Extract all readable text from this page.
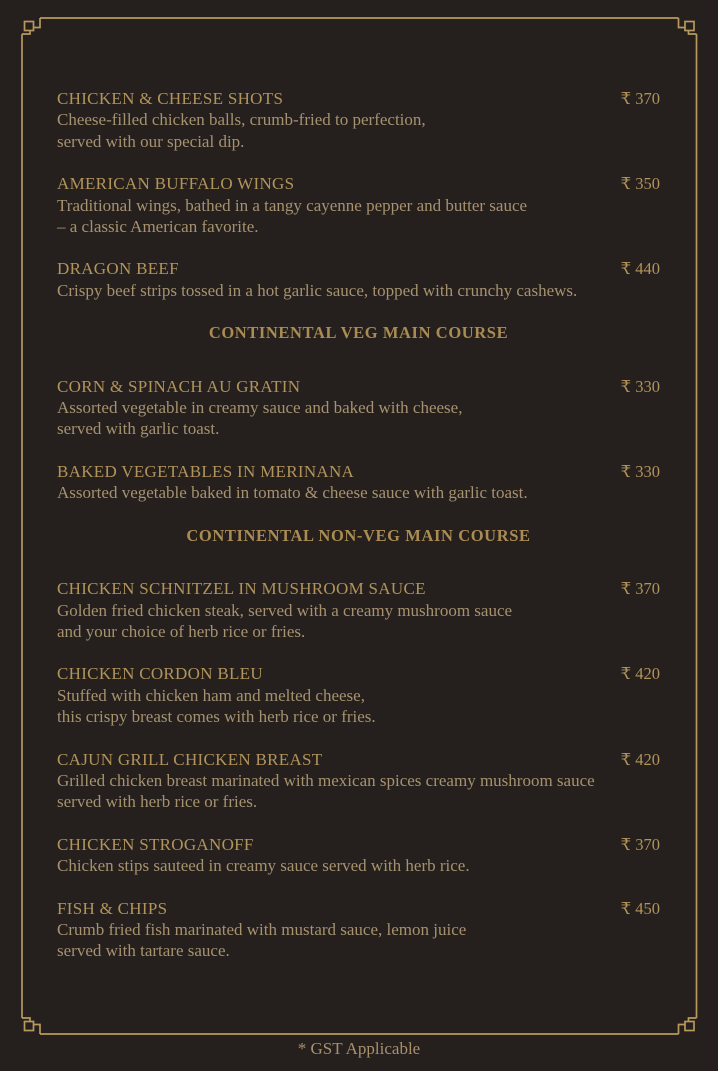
CHICKEN & CHEESE SHOTS	₹ 370
Cheese-filled chicken balls, crumb-fried to perfection,
served with our special dip.
AMERICAN BUFFALO WINGS	₹ 350
Traditional wings, bathed in a tangy cayenne pepper and butter sauce
– a classic American favorite.
DRAGON BEEF	₹ 440
Crispy beef strips tossed in a hot garlic sauce, topped with crunchy cashews.
CONTINENTAL VEG MAIN COURSE
CORN & SPINACH AU GRATIN	₹ 330
Assorted vegetable in creamy sauce and baked with cheese,
served with garlic toast.
BAKED VEGETABLES IN MERINANA	₹ 330
Assorted vegetable baked in tomato & cheese sauce with garlic toast.
CONTINENTAL NON-VEG MAIN COURSE
CHICKEN SCHNITZEL IN MUSHROOM SAUCE	₹ 370
Golden fried chicken steak, served with a creamy mushroom sauce
and your choice of herb rice or fries.
CHICKEN CORDON BLEU	₹ 420
Stuffed with chicken ham and melted cheese,
this crispy breast comes with herb rice or fries.
CAJUN GRILL CHICKEN BREAST	₹ 420
Grilled chicken breast marinated with mexican spices creamy mushroom sauce
served with herb rice or fries.
CHICKEN STROGANOFF	₹ 370
Chicken stips sauteed in creamy sauce served with herb rice.
FISH & CHIPS	₹ 450
Crumb fried fish marinated with mustard sauce, lemon juice
served with tartare sauce.
* GST Applicable
